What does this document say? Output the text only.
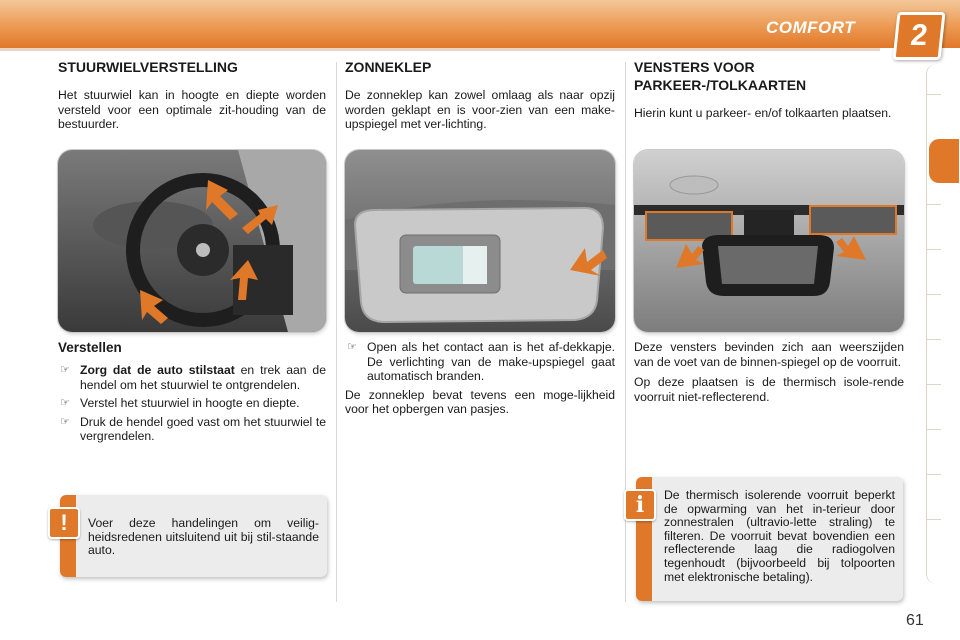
COMFORT	2
STUURWIELVERSTELLING

Het stuurwiel kan in hoogte en diepte worden versteld voor een optimale zit-houding van de bestuurder.

Verstellen
☞ Zorg dat de auto stilstaat en trek aan de hendel om het stuurwiel te ontgrendelen.
☞ Verstel het stuurwiel in hoogte en diepte.
☞ Druk de hendel goed vast om het stuurwiel te vergrendelen.
!	Voer deze handelingen om veilig-heidsredenen uitsluitend uit bij stil-staande auto.
ZONNEKLEP

De zonneklep kan zowel omlaag als naar opzij worden geklapt en is voor-zien van een make-upspiegel met ver-lichting.

☞ Open als het contact aan is het af-dekkapje. De verlichting van de make-upspiegel gaat automatisch branden.

De zonneklep bevat tevens een moge-lijkheid voor het opbergen van pasjes.

VENSTERS VOOR PARKEER-/TOLKAARTEN

Hierin kunt u parkeer- en/of tolkaarten plaatsen.

Deze vensters bevinden zich aan weerszijden van de voet van de binnen-spiegel op de voorruit.

Op deze plaatsen is de thermisch isole-rende voorruit niet-reflecterend.

i	De thermisch isolerende voorruit beperkt de opwarming van het in-terieur door zonnestralen (ultravio-lette straling) te filteren. De voorruit bevat bovendien een reflecterende laag die radiogolven tegenhoudt (bijvoorbeeld bij tolpoorten met elektronische betaling).
61
